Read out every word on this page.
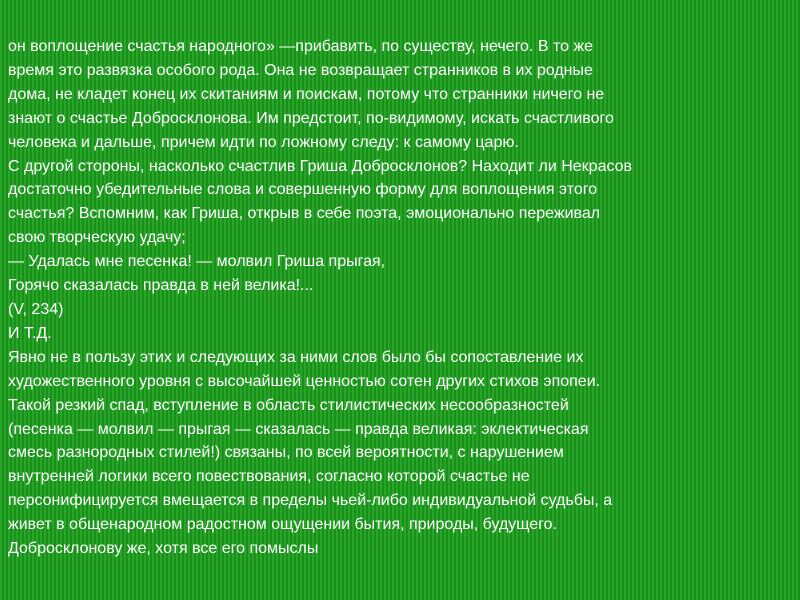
он воплощение счастья народного» —прибавить, по существу, нечего. В то же
время это развязка особого рода. Она не возвращает странников в их родные
дома, не кладет конец их скитаниям и поискам, потому что странники ничего не
знают о счастье Добросклонова. Им предстоит, по-видимому, искать счастливого
человека и дальше, причем идти по ложному следу: к самому царю.
С другой стороны, насколько счастлив Гриша Добросклонов? Находит ли Некрасов
достаточно убедительные слова и совершенную форму для воплощения этого
счастья? Вспомним, как Гриша, открыв в себе поэта, эмоционально переживал
свою творческую удачу;
— Удалась мне песенка! — молвил Гриша прыгая,
Горячо сказалась правда в ней велика!...
(V, 234)
И Т.Д.
Явно не в пользу этих и следующих за ними слов было бы сопоставление их
художественного уровня с высочайшей ценностью сотен других стихов эпопеи.
Такой резкий спад, вступление в область стилистических несообразностей
(песенка — молвил — прыгая — сказалась — правда великая: эклектическая
смесь разнородных стилей!) связаны, по всей вероятности, с нарушением
внутренней логики всего повествования, согласно которой счастье не
персонифицируется вмещается в пределы чьей-либо индивидуальной судьбы, а
живет в общенародном радостном ощущении бытия, природы, будущего.
Добросклонову же, хотя все его помыслы
